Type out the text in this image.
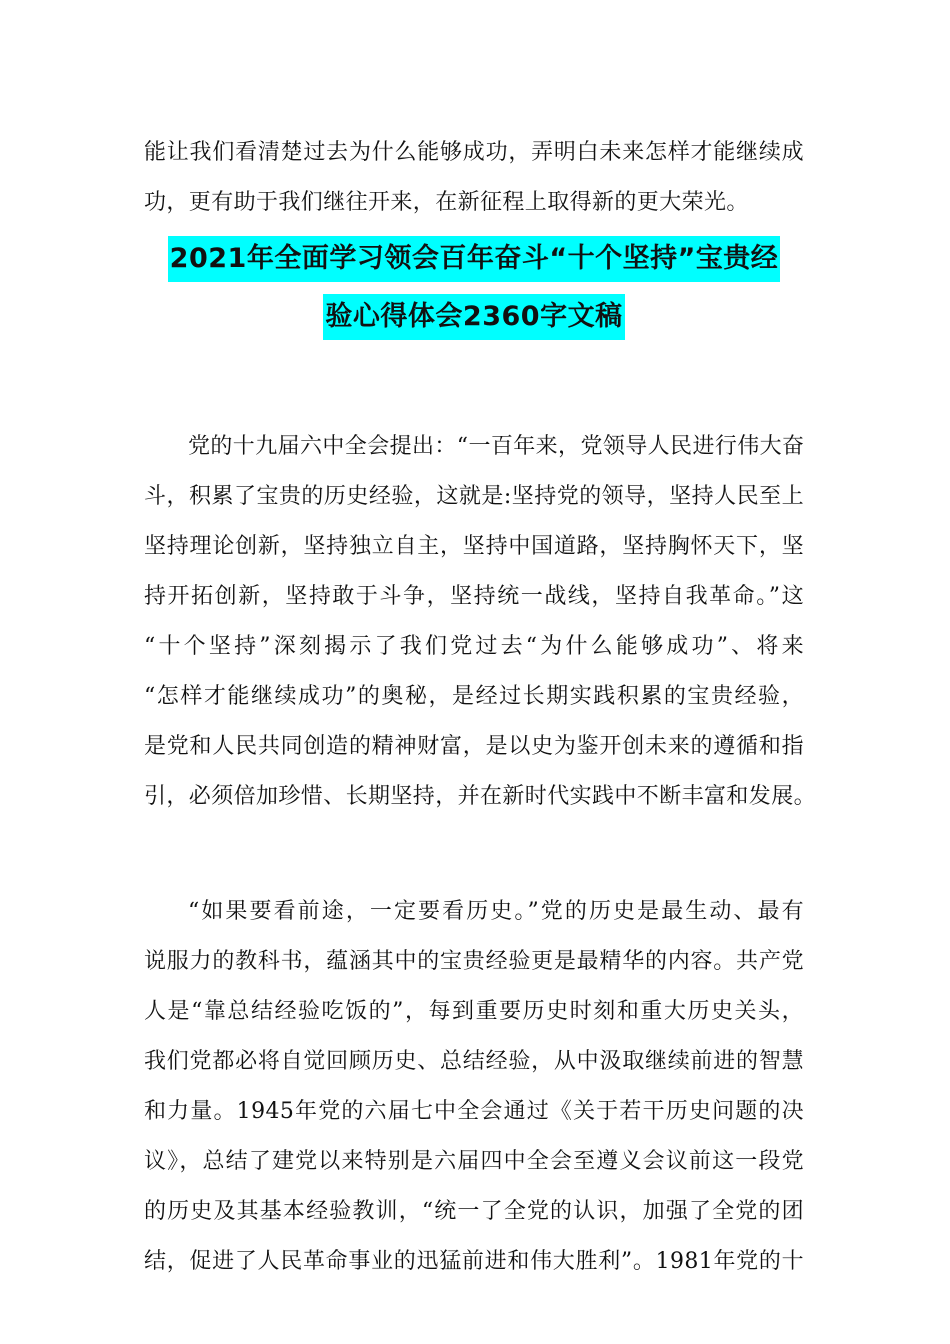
能让我们看清楚过去为什么能够成功，弄明白未来怎样才能继续成
功，更有助于我们继往开来，在新征程上取得新的更大荣光。
2021年全面学习领会百年奋斗“十个坚持”宝贵经
验心得体会2360字文稿
党的十九届六中全会提出：“一百年来，党领导人民进行伟大奋
斗，积累了宝贵的历史经验，这就是:坚持党的领导，坚持人民至上
坚持理论创新，坚持独立自主，坚持中国道路，坚持胸怀天下，坚
持开拓创新，坚持敢于斗争，坚持统一战线，坚持自我革命。”这
“十个坚持”深刻揭示了我们党过去“为什么能够成功”、将来
“怎样才能继续成功”的奥秘，是经过长期实践积累的宝贵经验，
是党和人民共同创造的精神财富，是以史为鉴开创未来的遵循和指
引，必须倍加珍惜、长期坚持，并在新时代实践中不断丰富和发展。
“如果要看前途，一定要看历史。”党的历史是最生动、最有
说服力的教科书，蕴涵其中的宝贵经验更是最精华的内容。共产党
人是“靠总结经验吃饭的”，每到重要历史时刻和重大历史关头，
我们党都必将自觉回顾历史、总结经验，从中汲取继续前进的智慧
和力量。1945年党的六届七中全会通过《关于若干历史问题的决
议》，总结了建党以来特别是六届四中全会至遵义会议前这一段党
的历史及其基本经验教训，“统一了全党的认识，加强了全党的团
结，促进了人民革命事业的迅猛前进和伟大胜利”。1981年党的十
